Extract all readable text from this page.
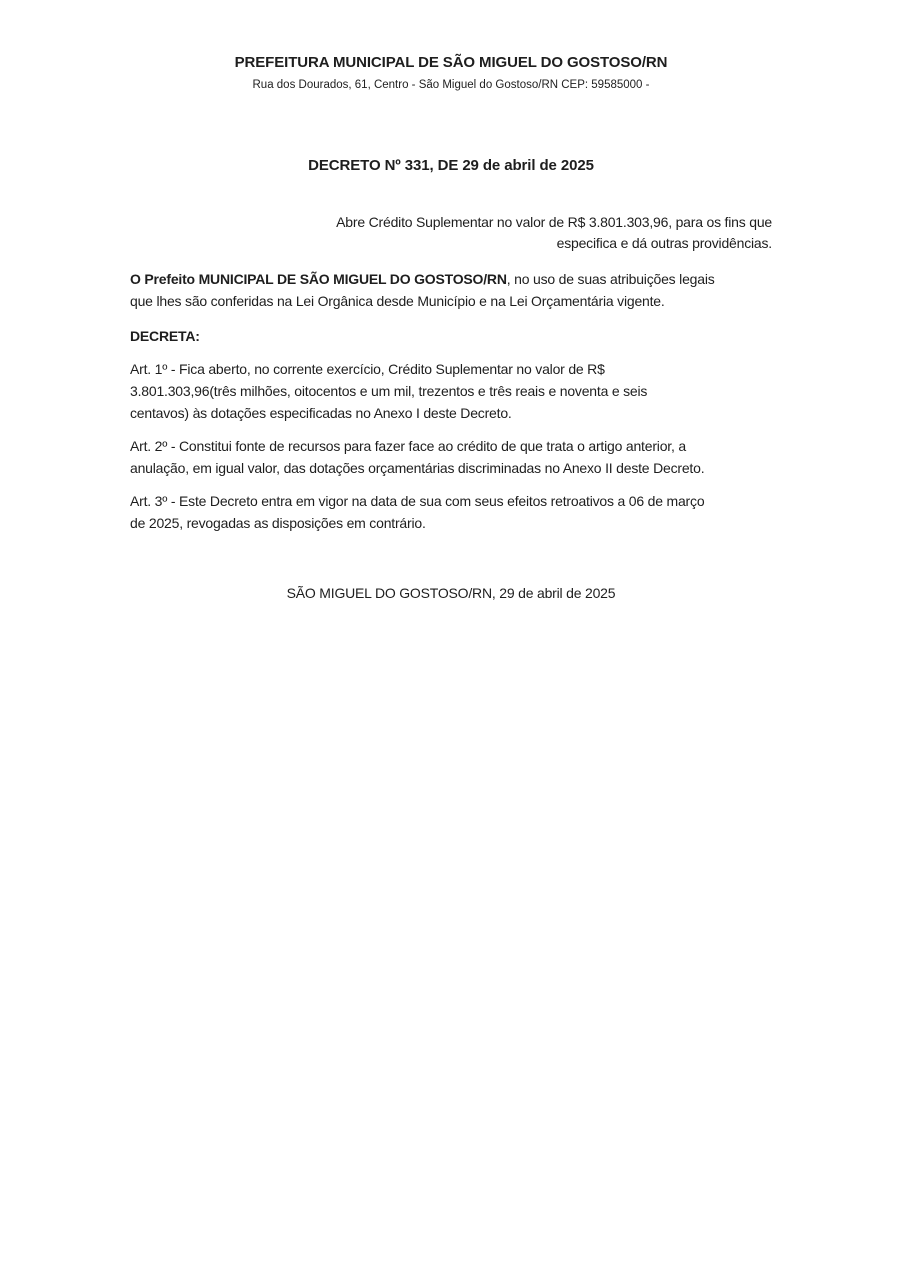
PREFEITURA MUNICIPAL DE SÃO MIGUEL DO GOSTOSO/RN
Rua dos Dourados, 61, Centro - São Miguel do Gostoso/RN CEP: 59585000 -
DECRETO Nº 331, DE 29 de abril de 2025
Abre Crédito Suplementar no valor de R$ 3.801.303,96, para os fins que
especifica e dá outras providências.
O Prefeito MUNICIPAL DE SÃO MIGUEL DO GOSTOSO/RN, no uso de suas atribuições legais
que lhes são conferidas na Lei Orgânica desde Município e na Lei Orçamentária vigente.
DECRETA:
Art. 1º - Fica aberto, no corrente exercício, Crédito Suplementar no valor de R$
3.801.303,96(três milhões, oitocentos e um mil, trezentos e três reais e noventa e seis
centavos) às dotações especificadas no Anexo I deste Decreto.
Art. 2º - Constitui fonte de recursos para fazer face ao crédito de que trata o artigo anterior, a
anulação, em igual valor, das dotações orçamentárias discriminadas no Anexo II deste Decreto.
Art. 3º - Este Decreto entra em vigor na data de sua com seus efeitos retroativos a 06 de março
de 2025, revogadas as disposições em contrário.
SÃO MIGUEL DO GOSTOSO/RN, 29 de abril de 2025
